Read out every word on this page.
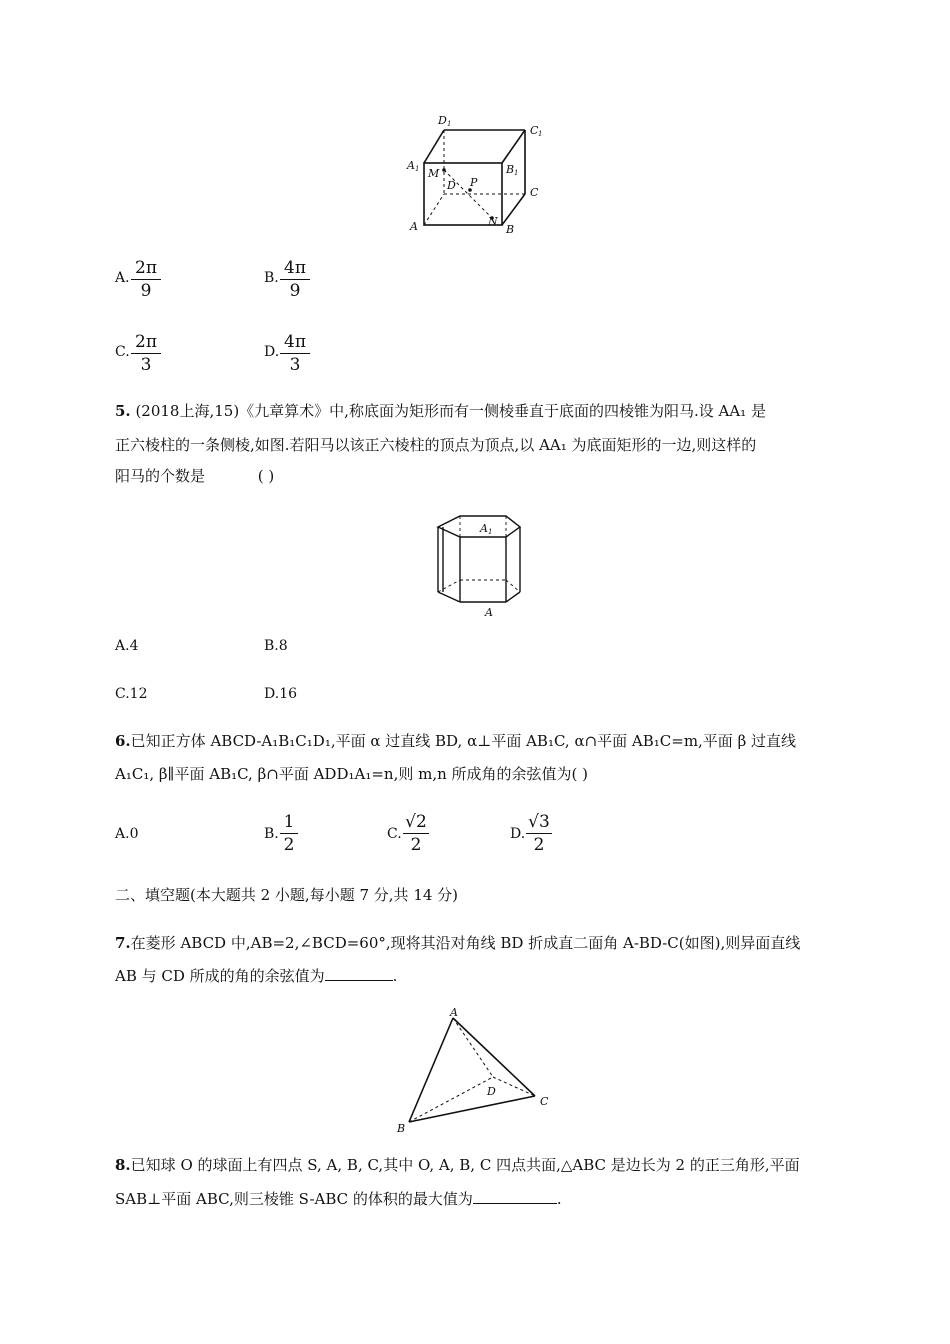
D 1	C 1
A 1	B 1
M
D P
C
A	N
B
A. 2π
9
B. 4π
9
C. 2π
3
D. 4π
3
5. (2018上海,15)《九章算术》中,称底面为矩形而有一侧棱垂直于底面的四棱锥为阳马.设 AA₁ 是
正六棱柱的一条侧棱,如图.若阳马以该正六棱柱的顶点为顶点,以 AA₁ 为底面矩形的一边,则这样的
阳马的个数是	( )
A 1
A
A.4	B.8
C.12	D.16
6.已知正方体 ABCD-A₁B₁C₁D₁,平面 α 过直线 BD, α⊥平面 AB₁C, α∩平面 AB₁C=m,平面 β 过直线
A₁C₁, β∥平面 AB₁C, β∩平面 ADD₁A₁=n,则 m,n 所成角的余弦值为( )
A.0	B.
1
2
C.
√2
2
D.
√3
2
二、填空题(本大题共 2 小题,每小题 7 分,共 14 分)
7.在菱形 ABCD 中,AB=2,∠BCD=60°,现将其沿对角线 BD 折成直二面角 A-BD-C(如图),则异面直线
AB 与 CD 所成的角的余弦值为	.
A
D
C
B
8.已知球 O 的球面上有四点 S, A, B, C,其中 O, A, B, C 四点共面,△ABC 是边长为 2 的正三角形,平面
SAB⊥平面 ABC,则三棱锥 S-ABC 的体积的最大值为	.
